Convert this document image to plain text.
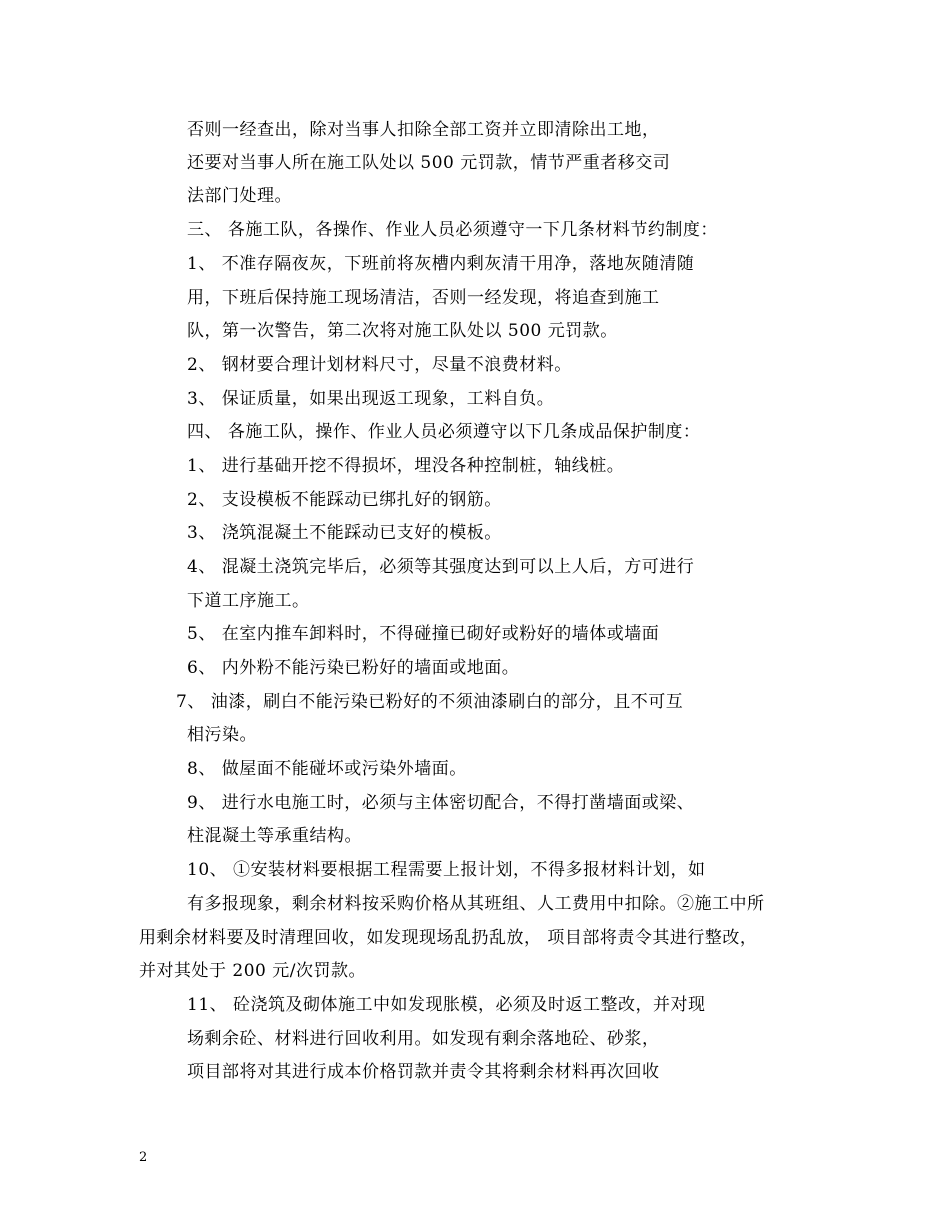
否则一经查出，除对当事人扣除全部工资并立即清除出工地，
还要对当事人所在施工队处以 500 元罚款，情节严重者移交司
法部门处理。
三、 各施工队，各操作、作业人员必须遵守一下几条材料节约制度：
1、 不准存隔夜灰，下班前将灰槽内剩灰清干用净，落地灰随清随
用，下班后保持施工现场清洁，否则一经发现，将追查到施工
队，第一次警告，第二次将对施工队处以 500 元罚款。
2、 钢材要合理计划材料尺寸，尽量不浪费材料。
3、 保证质量，如果出现返工现象，工料自负。
四、 各施工队，操作、作业人员必须遵守以下几条成品保护制度：
1、 进行基础开挖不得损坏，埋没各种控制桩，轴线桩。
2、 支设模板不能踩动已绑扎好的钢筋。
3、 浇筑混凝土不能踩动已支好的模板。
4、 混凝土浇筑完毕后，必须等其强度达到可以上人后，方可进行
下道工序施工。
5、 在室内推车卸料时，不得碰撞已砌好或粉好的墙体或墙面
6、 内外粉不能污染已粉好的墙面或地面。
7、 油漆，刷白不能污染已粉好的不须油漆刷白的部分，且不可互
相污染。
8、 做屋面不能碰坏或污染外墙面。
9、 进行水电施工时，必须与主体密切配合，不得打凿墙面或梁、
柱混凝土等承重结构。
10、 ①安装材料要根据工程需要上报计划，不得多报材料计划，如
有多报现象，剩余材料按采购价格从其班组、人工费用中扣除。②施工中所
用剩余材料要及时清理回收，如发现现场乱扔乱放， 项目部将责令其进行整改，
并对其处于 200 元/次罚款。
11、 砼浇筑及砌体施工中如发现胀模，必须及时返工整改，并对现
场剩余砼、材料进行回收利用。如发现有剩余落地砼、砂浆，
项目部将对其进行成本价格罚款并责令其将剩余材料再次回收
2
